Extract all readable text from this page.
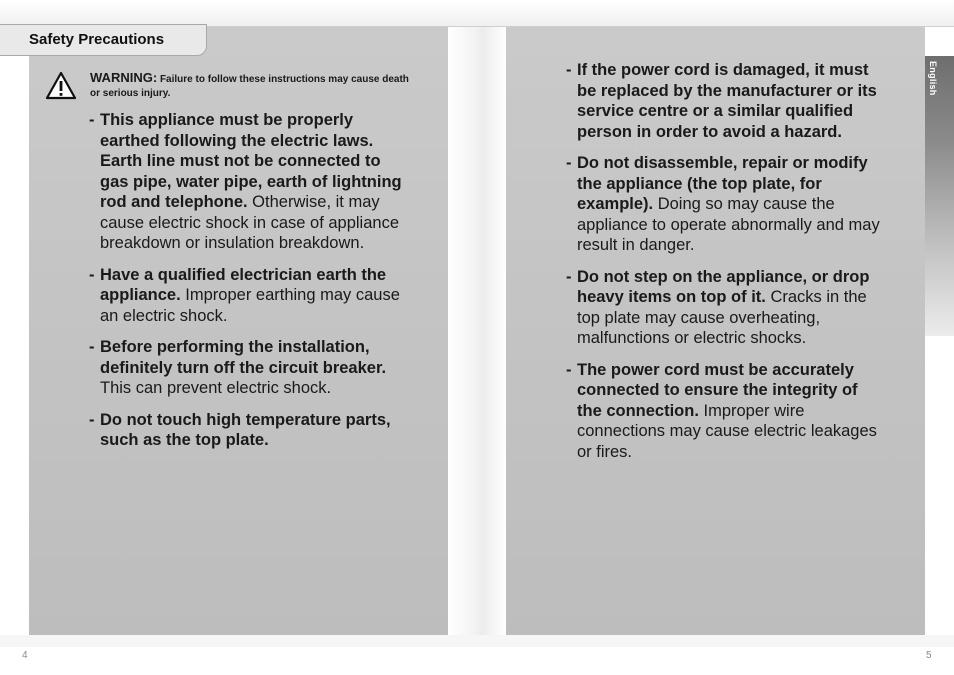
Safety Precautions
English
WARNING: Failure to follow these instructions may cause death or serious injury.
- This appliance must be properly earthed following the electric laws. Earth line must not be connected to gas pipe, water pipe, earth of lightning rod and telephone. Otherwise, it may cause electric shock in case of appliance breakdown or insulation breakdown.
- Have a qualified electrician earth the appliance. Improper earthing may cause an electric shock.
- Before performing the installation, definitely turn off the circuit breaker. This can prevent electric shock.
- Do not touch high temperature parts, such as the top plate.
- If the power cord is damaged, it must be replaced by the manufacturer or its service centre or a similar qualified person in order to avoid a hazard.
- Do not disassemble, repair or modify the appliance (the top plate, for example). Doing so may cause the appliance to operate abnormally and may result in danger.
- Do not step on the appliance, or drop heavy items on top of it. Cracks in the top plate may cause overheating, malfunctions or electric shocks.
- The power cord must be accurately connected to ensure the integrity of the connection. Improper wire connections may cause electric leakages or fires.
4	5
